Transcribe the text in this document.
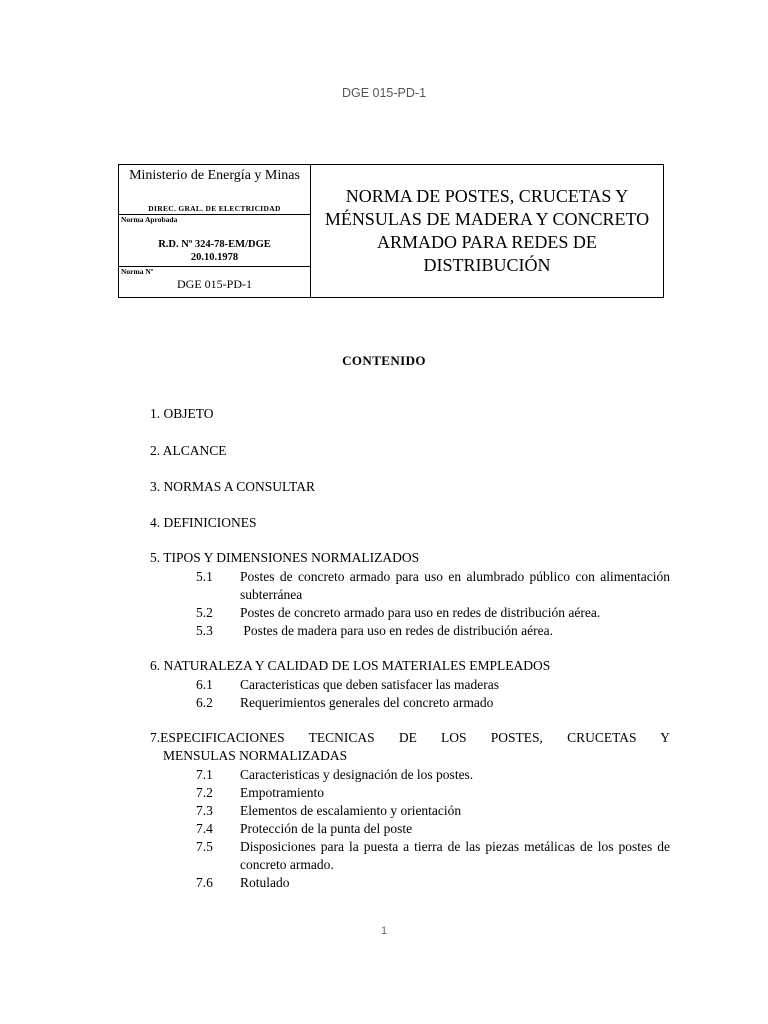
DGE 015-PD-1
Ministerio de Energía y Minas
DIREC. GRAL. DE ELECTRICIDAD
Norma Aprobada
R.D. Nº 324-78-EM/DGE
20.10.1978
Norma Nº
DGE 015-PD-1
NORMA DE POSTES, CRUCETAS Y MÉNSULAS DE MADERA Y CONCRETO ARMADO PARA REDES DE DISTRIBUCIÓN
CONTENIDO
1. OBJETO
2. ALCANCE
3. NORMAS A CONSULTAR
4. DEFINICIONES
5. TIPOS Y DIMENSIONES NORMALIZADOS
5.1	Postes de concreto armado para uso en alumbrado público con alimentación subterránea
5.2	Postes de concreto armado para uso en redes de distribución aérea.
5.3	Postes de madera para uso en redes de distribución aérea.
6. NATURALEZA Y CALIDAD DE LOS MATERIALES EMPLEADOS
6.1	Caracteristicas que deben satisfacer las maderas
6.2	Requerimientos generales del concreto armado
7.ESPECIFICACIONES TECNICAS DE LOS POSTES, CRUCETAS Y
MENSULAS NORMALIZADAS
7.1	Caracteristicas y designación de los postes.
7.2	Empotramiento
7.3	Elementos de escalamiento y orientación
7.4	Protección de la punta del poste
7.5	Disposiciones para la puesta a tierra de las piezas metálicas de los postes de concreto armado.
7.6	Rotulado
1
